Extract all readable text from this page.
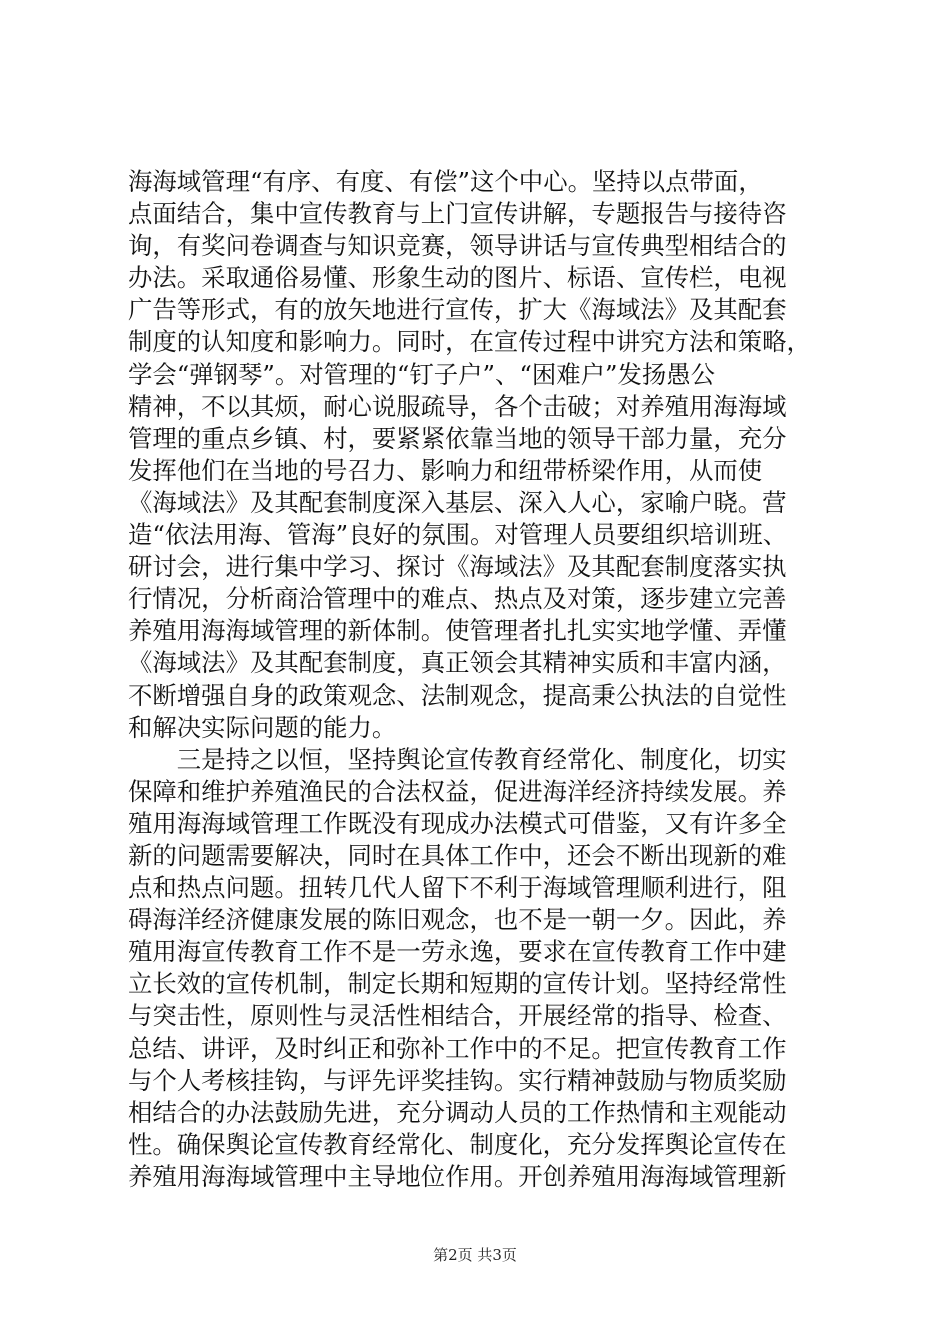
海海域管理“有序、有度、有偿”这个中心。坚持以点带面，
点面结合，集中宣传教育与上门宣传讲解，专题报告与接待咨
询，有奖问卷调查与知识竞赛，领导讲话与宣传典型相结合的
办法。采取通俗易懂、形象生动的图片、标语、宣传栏，电视
广告等形式，有的放矢地进行宣传，扩大《海域法》及其配套
制度的认知度和影响力。同时，在宣传过程中讲究方法和策略，
学会“弹钢琴”。对管理的“钉子户”、“困难户”发扬愚公
精神，不以其烦，耐心说服疏导，各个击破；对养殖用海海域
管理的重点乡镇、村，要紧紧依靠当地的领导干部力量，充分
发挥他们在当地的号召力、影响力和纽带桥梁作用，从而使
《海域法》及其配套制度深入基层、深入人心，家喻户晓。营
造“依法用海、管海”良好的氛围。对管理人员要组织培训班、
研讨会，进行集中学习、探讨《海域法》及其配套制度落实执
行情况，分析商洽管理中的难点、热点及对策，逐步建立完善
养殖用海海域管理的新体制。使管理者扎扎实实地学懂、弄懂
《海域法》及其配套制度，真正领会其精神实质和丰富内涵，
不断增强自身的政策观念、法制观念，提高秉公执法的自觉性
和解决实际问题的能力。
　　三是持之以恒，坚持舆论宣传教育经常化、制度化，切实
保障和维护养殖渔民的合法权益，促进海洋经济持续发展。养
殖用海海域管理工作既没有现成办法模式可借鉴，又有许多全
新的问题需要解决，同时在具体工作中，还会不断出现新的难
点和热点问题。扭转几代人留下不利于海域管理顺利进行，阻
碍海洋经济健康发展的陈旧观念，也不是一朝一夕。因此，养
殖用海宣传教育工作不是一劳永逸，要求在宣传教育工作中建
立长效的宣传机制，制定长期和短期的宣传计划。坚持经常性
与突击性，原则性与灵活性相结合，开展经常的指导、检查、
总结、讲评，及时纠正和弥补工作中的不足。把宣传教育工作
与个人考核挂钩，与评先评奖挂钩。实行精神鼓励与物质奖励
相结合的办法鼓励先进，充分调动人员的工作热情和主观能动
性。确保舆论宣传教育经常化、制度化，充分发挥舆论宣传在
养殖用海海域管理中主导地位作用。开创养殖用海海域管理新
第2页 共3页
